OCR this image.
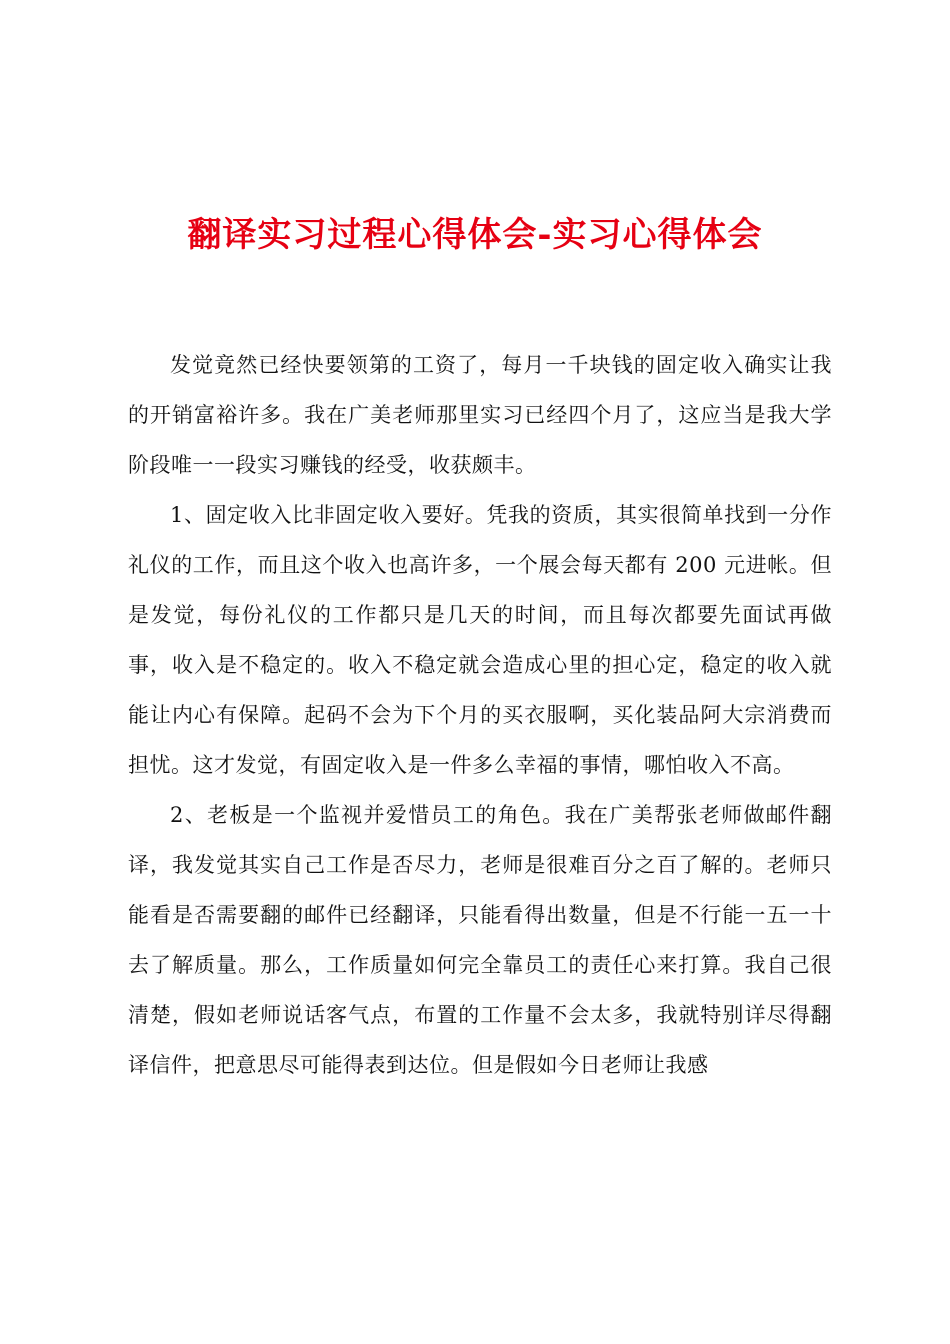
翻译实习过程心得体会-实习心得体会

发觉竟然已经快要领第的工资了，每月一千块钱的固定收入确实让我的开销富裕许多。我在广美老师那里实习已经四个月了，这应当是我大学阶段唯一一段实习赚钱的经受，收获颇丰。

1、固定收入比非固定收入要好。凭我的资质，其实很简单找到一分作礼仪的工作，而且这个收入也高许多，一个展会每天都有 200 元进帐。但是发觉，每份礼仪的工作都只是几天的时间，而且每次都要先面试再做事，收入是不稳定的。收入不稳定就会造成心里的担心定，稳定的收入就能让内心有保障。起码不会为下个月的买衣服啊，买化装品阿大宗消费而担忧。这才发觉，有固定收入是一件多么幸福的事情，哪怕收入不高。

2、老板是一个监视并爱惜员工的角色。我在广美帮张老师做邮件翻译，我发觉其实自己工作是否尽力，老师是很难百分之百了解的。老师只能看是否需要翻的邮件已经翻译，只能看得出数量，但是不行能一五一十去了解质量。那么，工作质量如何完全靠员工的责任心来打算。我自己很清楚，假如老师说话客气点，布置的工作量不会太多，我就特别详尽得翻译信件，把意思尽可能得表到达位。但是假如今日老师让我感
